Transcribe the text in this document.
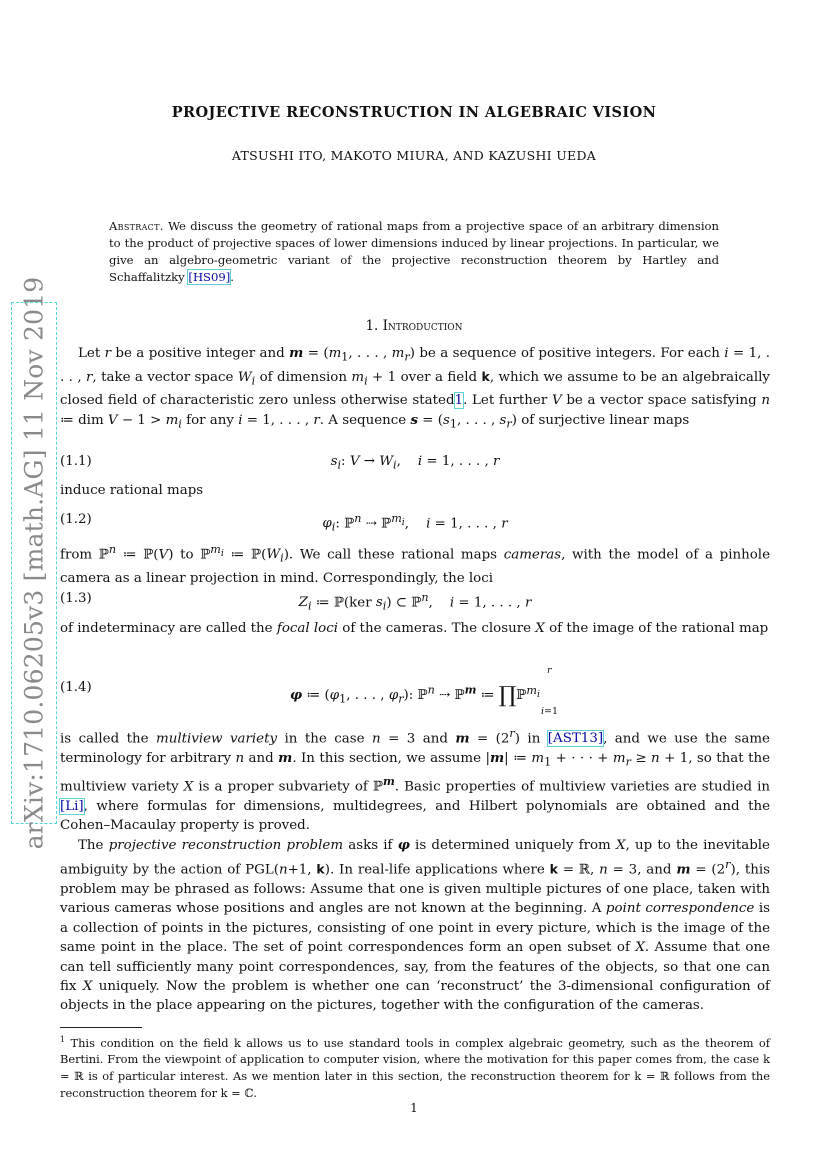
arXiv:1710.06205v3 [math.AG] 11 Nov 2019
PROJECTIVE RECONSTRUCTION IN ALGEBRAIC VISION
ATSUSHI ITO, MAKOTO MIURA, AND KAZUSHI UEDA
Abstract. We discuss the geometry of rational maps from a projective space of an arbitrary dimension to the product of projective spaces of lower dimensions induced by linear projections. In particular, we give an algebro-geometric variant of the projective reconstruction theorem by Hartley and Schaffalitzky [HS09].
1. Introduction

Let r be a positive integer and $m = (m_1$, . . . , $m_r$) be a sequence of positive integers. For each i = 1, . . . , r, take a vector space $W_i$ of dimension $m_i + 1$ over a field k, which we assume to be an algebraically closed field of characteristic zero unless otherwise stated1. Let further V be a vector space satisfying n ≔ dim $V - 1 > m_i$ for any i = 1, . . . , r. A sequence $s = (s_1$, . . . , $s_r$) of surjective linear maps

(1.1)	$s_i$: $V \to W_i$,    i = 1, . . . , r
induce rational maps
(1.2)	$\varphi_i$: ℙ$^n$ ⇢ ℙ$^{m_i}$,    i = 1, . . . , r

from ℙ$^n$ ≔ ℙ(V) to ℙ$^{m_i}$ ≔ $ℙ(W_i)$. We call these rational maps cameras, with the model of a pinhole camera as a linear projection in mind. Correspondingly, the loci

(1.3)	$Z_i$ ≔ ℙ(ker $s_i$) ⊂ ℙ$^n$,    i = 1, . . . , r

of indeterminacy are called the focal loci of the cameras. The closure X of the image of the rational map

(1.4)	φ ≔ ($\varphi_1$, . . . , $\varphi_r$): ℙ$^n$ ⇢ ℙ$^m$ ≔ ∏ℙ$^{m_i}$
r
i=1

is called the multiview variety in the case n = 3 and $m = (2^r)$ in [AST13], and we use the same terminology for arbitrary n and m. In this section, we assume |m| ≔ $m_1$ + · · · + $m_r \ge n + 1$, so that the multiview variety X is a proper subvariety of ℙ$^m$. Basic properties of multiview varieties are studied in [Li], where formulas for dimensions, multidegrees, and Hilbert polynomials are obtained and the Cohen–Macaulay property is proved.

The projective reconstruction problem asks if φ is determined uniquely from X, up to the inevitable ambiguity by the action of PGL(n+1, k). In real-life applications where k = ℝ, n = 3, and $m = (2^r)$, this problem may be phrased as follows: Assume that one is given multiple pictures of one place, taken with various cameras whose positions and angles are not known at the beginning. A point correspondence is a collection of points in the pictures, consisting of one point in every picture, which is the image of the same point in the place. The set of point correspondences form an open subset of X. Assume that one can tell sufficiently many point correspondences, say, from the features of the objects, so that one can fix X uniquely. Now the problem is whether one can ‘reconstruct’ the 3-dimensional configuration of objects in the place appearing on the pictures, together with the configuration of the cameras.

$^1$ This condition on the field k allows us to use standard tools in complex algebraic geometry, such as the theorem of Bertini. From the viewpoint of application to computer vision, where the motivation for this paper comes from, the case k = ℝ is of particular interest. As we mention later in this section, the reconstruction theorem for k = ℝ follows from the reconstruction theorem for k = ℂ.
1
